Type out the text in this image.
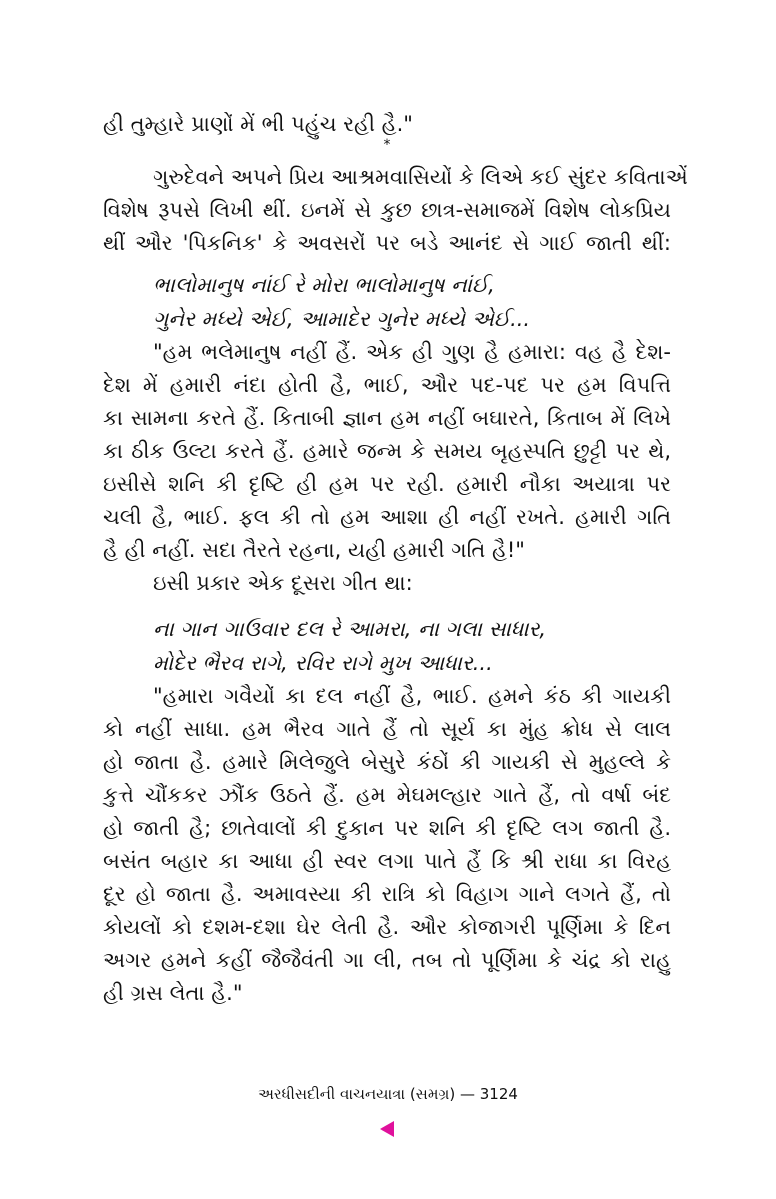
હી તુમ્હારે પ્રાણોં મેં ભી પહુંચ રહી હૈ."
*
ગુરુદેવને અપને પ્રિય આશ્રમવાસિયોં કે લિએ કઈ સુંદર કવિતાએં
વિશેષ રૂપસે લિખી થીં. ઇનમેં સે કુછ છાત્ર-સમાજમેં વિશેષ લોકપ્રિય
થીં ઔર 'પિકનિક' કે અવસરોં પર બડે આનંદ સે ગાઈ જાતી થીં:
ભાલોમાનુષ નાંઈ રે મોરા ભાલોમાનુષ નાંઈ,
ગુનેર મધ્યે એઈ, આમાદેર ગુનેર મધ્યે એઈ...
"હમ ભલેમાનુષ નહીં હૈં. એક હી ગુણ હૈ હમારા: વહ હૈ દેશ-
દેશ મેં હમારી નંદા હોતી હૈ, ભાઈ, ઔર પદ-પદ પર હમ વિપત્તિ
કા સામના કરતે હૈં. કિતાબી જ્ઞાન હમ નહીં બઘારતે, કિતાબ મેં લિખે
કા ઠીક ઉલ્ટા કરતે હૈં. હમારે જન્મ કે સમય બૃહસ્પતિ છુટ્ટી પર થે,
ઇસીસે શનિ કી દૃષ્ટિ હી હમ પર રહી. હમારી નૌકા અયાત્રા પર
ચલી હૈ, ભાઈ. ફલ કી તો હમ આશા હી નહીં રખતે. હમારી ગતિ
હૈ હી નહીં. સદા તૈરતે રહના, યહી હમારી ગતિ હૈ!"
ઇસી પ્રકાર એક દૂસરા ગીત થા:
ના ગાન ગાઉવાર દલ રે આમરા, ના ગલા સાધાર,
મોદેર ભૈરવ રાગે, રવિર રાગે મુખ આધાર...
"હમારા ગવૈયોં કા દલ નહીં હૈ, ભાઈ. હમને કંઠ કી ગાયકી
કો નહીં સાધા. હમ ભૈરવ ગાતે હૈં તો સૂર્ય કા મુંહ ક્રોધ સે લાલ
હો જાતા હૈ. હમારે મિલેજુલે બેસુરે કંઠોં કી ગાયકી સે મુહલ્લે કે
કુત્તે ચૌંકકર ઝૌંક ઉઠતે હૈં. હમ મેઘમલ્હાર ગાતે હૈં, તો વર્ષા બંદ
હો જાતી હૈ; છાતેવાલોં કી દુકાન પર શનિ કી દૃષ્ટિ લગ જાતી હૈ.
બસંત બહાર કા આધા હી સ્વર લગા પાતે હૈં કિ શ્રી રાધા કા વિરહ
દૂર હો જાતા હૈ. અમાવસ્યા કી રાત્રિ કો વિહાગ ગાને લગતે હૈં, તો
કોયલોં કો દશમ-દશા ઘેર લેતી હૈ. ઔર કોજાગરી પૂર્ણિમા કે દિન
અગર હમને કહીં જૈજૈવંતી ગા લી, તબ તો પૂર્ણિમા કે ચંદ્ર કો રાહુ
હી ગ્રસ લેતા હૈ."
અરધીસદીની વાચનયાત્રા (સમગ્ર) — 3124
